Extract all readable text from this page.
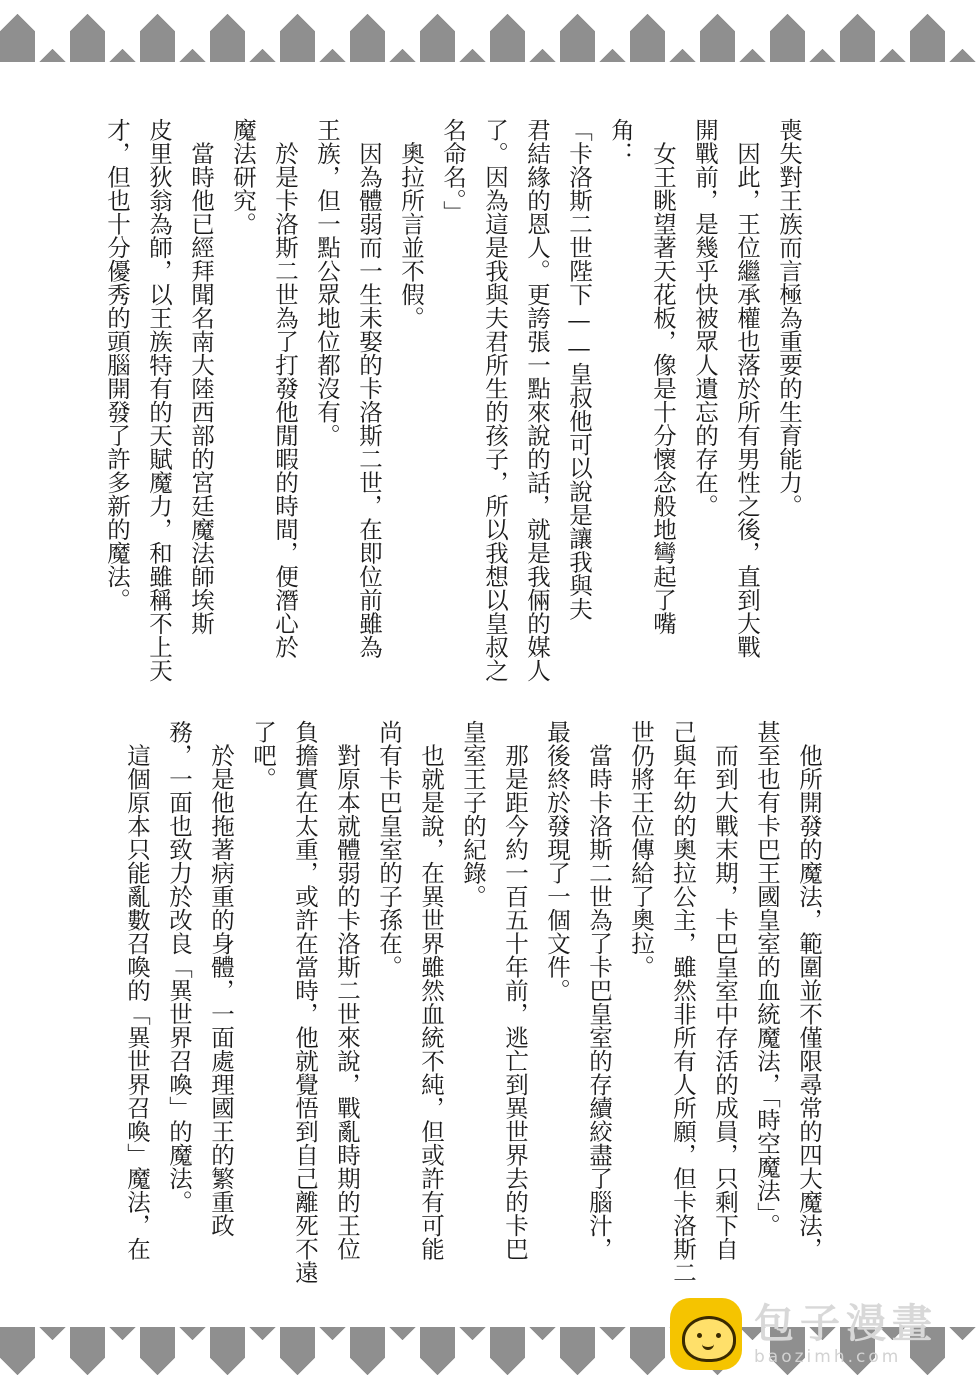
喪失對王族而言極為重要的生育能力。
　因此，王位繼承權也落於所有男性之後，直到大戰
開戰前，是幾乎快被眾人遺忘的存在。
　女王眺望著天花板，像是十分懷念般地彎起了嘴
角：
「卡洛斯二世陛下——皇叔他可以說是讓我與夫
君結緣的恩人。更誇張一點來說的話，就是我倆的媒人
了。因為這是我與夫君所生的孩子，所以我想以皇叔之
名命名。」
　奧拉所言並不假。
　因為體弱而一生未娶的卡洛斯二世，在即位前雖為
王族，但一點公眾地位都沒有。
　於是卡洛斯二世為了打發他閒暇的時間，便潛心於
魔法研究。
　當時他已經拜聞名南大陸西部的宮廷魔法師埃斯
皮里狄翁為師，以王族特有的天賦魔力，和雖稱不上天
才，但也十分優秀的頭腦開發了許多新的魔法。
　他所開發的魔法，範圍並不僅限尋常的四大魔法，
甚至也有卡巴王國皇室的血統魔法，「時空魔法」。
　而到大戰末期，卡巴皇室中存活的成員，只剩下自
己與年幼的奧拉公主，雖然非所有人所願，但卡洛斯二
世仍將王位傳給了奧拉。
　當時卡洛斯二世為了卡巴皇室的存續絞盡了腦汁，
最後終於發現了一個文件。
　那是距今約一百五十年前，逃亡到異世界去的卡巴
皇室王子的紀錄。
　也就是說，在異世界雖然血統不純，但或許有可能
尚有卡巴皇室的子孫在。
　對原本就體弱的卡洛斯二世來說，戰亂時期的王位
負擔實在太重，或許在當時，他就覺悟到自己離死不遠
了吧。
　於是他拖著病重的身體，一面處理國王的繁重政
務，一面也致力於改良「異世界召喚」的魔法。
　這個原本只能亂數召喚的「異世界召喚」魔法，在
包子漫畫
baozimh.com
